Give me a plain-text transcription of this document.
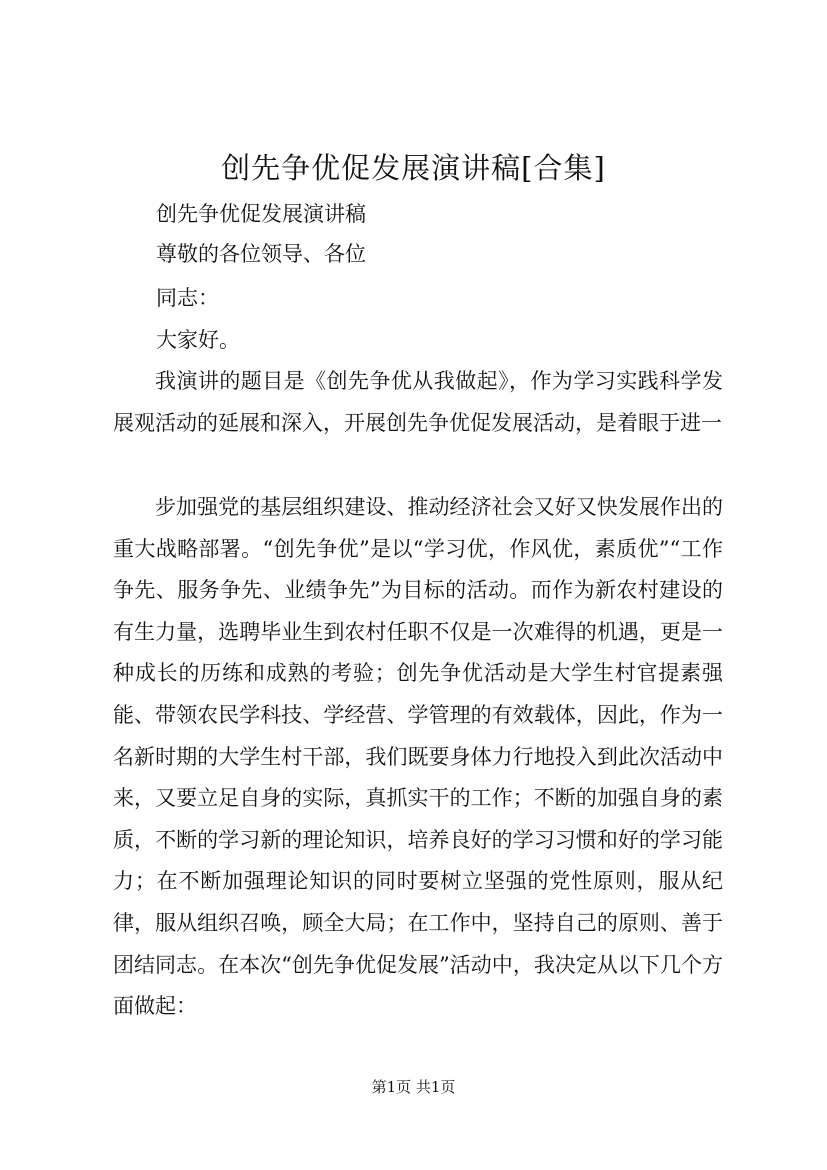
创先争优促发展演讲稿[合集]
创先争优促发展演讲稿
尊敬的各位领导、各位
同志：
大家好。

我演讲的题目是《创先争优从我做起》，作为学习实践科学发展观活动的延展和深入，开展创先争优促发展活动，是着眼于进一

步加强党的基层组织建设、推动经济社会又好又快发展作出的重大战略部署。“创先争优”是以“学习优，作风优，素质优”“工作争先、服务争先、业绩争先”为目标的活动。而作为新农村建设的有生力量，选聘毕业生到农村任职不仅是一次难得的机遇，更是一种成长的历练和成熟的考验；创先争优活动是大学生村官提素强能、带领农民学科技、学经营、学管理的有效载体，因此，作为一名新时期的大学生村干部，我们既要身体力行地投入到此次活动中来，又要立足自身的实际，真抓实干的工作；不断的加强自身的素质，不断的学习新的理论知识，培养良好的学习习惯和好的学习能力；在不断加强理论知识的同时要树立坚强的党性原则，服从纪律，服从组织召唤，顾全大局；在工作中，坚持自己的原则、善于团结同志。在本次“创先争优促发展”活动中，我决定从以下几个方面做起：

第1页 共1页
